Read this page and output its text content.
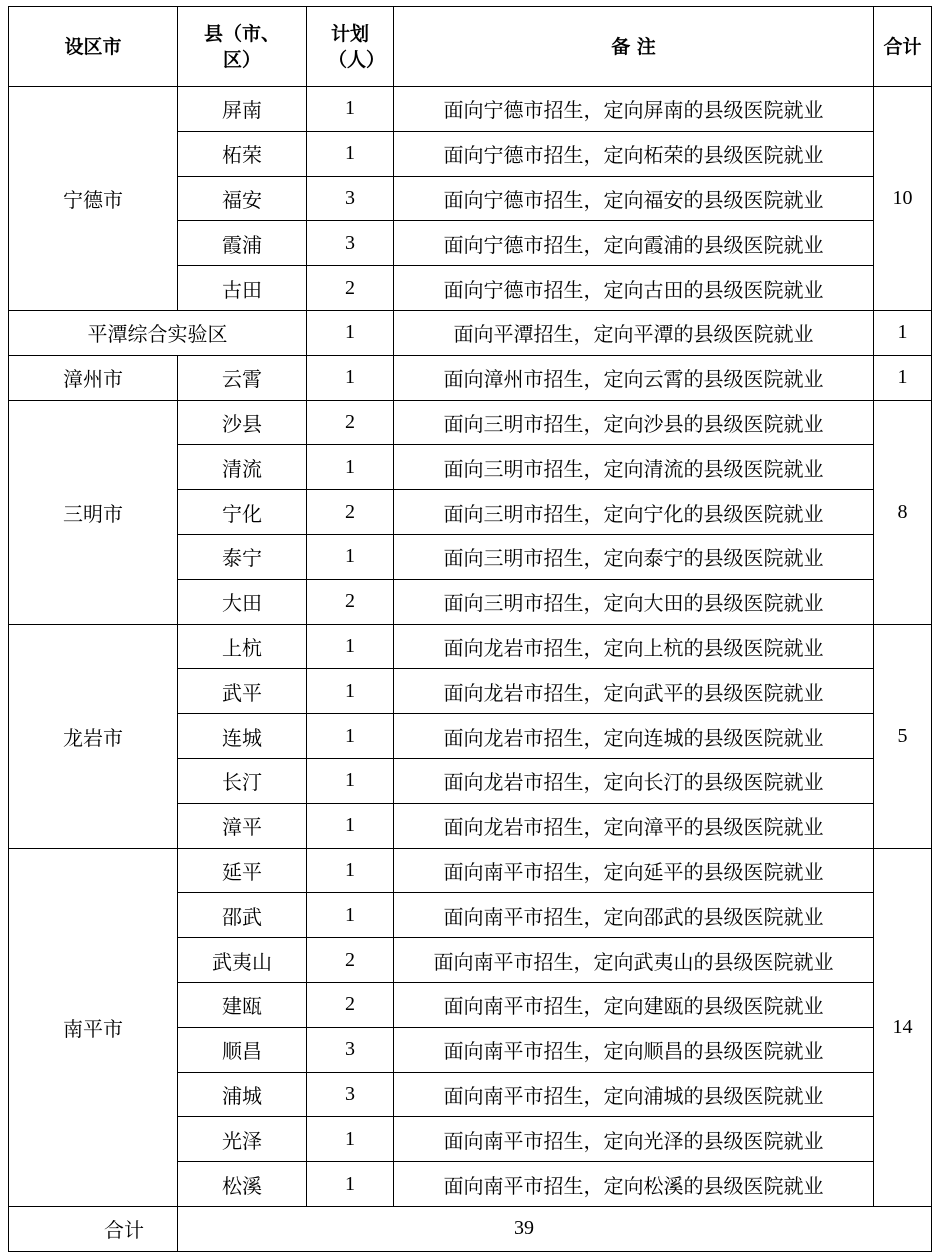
设区市	县（市、区）	计划（人）	备 注	合计
宁德市	屏南	1	面向宁德市招生，定向屏南的县级医院就业	10
	柘荣	1	面向宁德市招生，定向柘荣的县级医院就业	
	福安	3	面向宁德市招生，定向福安的县级医院就业	
	霞浦	3	面向宁德市招生，定向霞浦的县级医院就业	
	古田	2	面向宁德市招生，定向古田的县级医院就业	
平潭综合实验区		1	面向平潭招生，定向平潭的县级医院就业	1
漳州市	云霄	1	面向漳州市招生，定向云霄的县级医院就业	1
三明市	沙县	2	面向三明市招生，定向沙县的县级医院就业	8
	清流	1	面向三明市招生，定向清流的县级医院就业	
	宁化	2	面向三明市招生，定向宁化的县级医院就业	
	泰宁	1	面向三明市招生，定向泰宁的县级医院就业	
	大田	2	面向三明市招生，定向大田的县级医院就业	
龙岩市	上杭	1	面向龙岩市招生，定向上杭的县级医院就业	5
	武平	1	面向龙岩市招生，定向武平的县级医院就业	
	连城	1	面向龙岩市招生，定向连城的县级医院就业	
	长汀	1	面向龙岩市招生，定向长汀的县级医院就业	
	漳平	1	面向龙岩市招生，定向漳平的县级医院就业	
南平市	延平	1	面向南平市招生，定向延平的县级医院就业	14
	邵武	1	面向南平市招生，定向邵武的县级医院就业	
	武夷山	2	面向南平市招生，定向武夷山的县级医院就业	
	建瓯	2	面向南平市招生，定向建瓯的县级医院就业	
	顺昌	3	面向南平市招生，定向顺昌的县级医院就业	
	浦城	3	面向南平市招生，定向浦城的县级医院就业	
	光泽	1	面向南平市招生，定向光泽的县级医院就业	
	松溪	1	面向南平市招生，定向松溪的县级医院就业	
合计	39			
